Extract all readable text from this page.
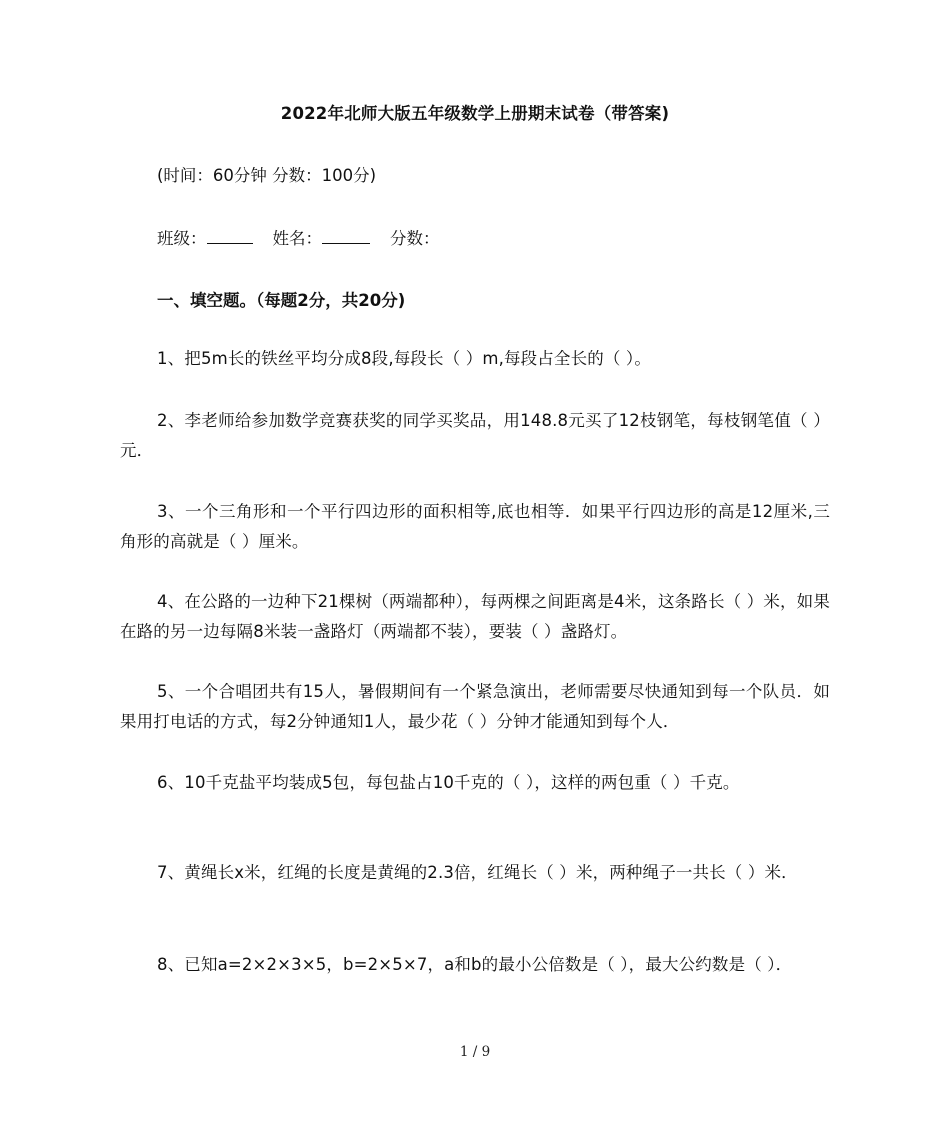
2022年北师大版五年级数学上册期末试卷（带答案)
(时间：60分钟 分数：100分)
班级：	姓名：	分数：
一、填空题。（每题2分，共20分)
1、把5m长的铁丝平均分成8段,每段长（ ）m,每段占全长的（ ）。
2、李老师给参加数学竞赛获奖的同学买奖品，用148.8元买了12枝钢笔，每枝钢笔值（ ）元．
3、一个三角形和一个平行四边形的面积相等,底也相等．如果平行四边形的高是12厘米,三角形的高就是（ ）厘米。
4、在公路的一边种下21棵树（两端都种），每两棵之间距离是4米，这条路长（ ）米，如果在路的另一边每隔8米装一盏路灯（两端都不装），要装（ ）盏路灯。
5、一个合唱团共有15人，暑假期间有一个紧急演出，老师需要尽快通知到每一个队员．如果用打电话的方式，每2分钟通知1人，最少花（ ）分钟才能通知到每个人．
6、10千克盐平均装成5包，每包盐占10千克的（ ），这样的两包重（ ）千克。
7、黄绳长x米，红绳的长度是黄绳的2.3倍，红绳长（ ）米，两种绳子一共长（ ）米．
8、已知a=2×2×3×5，b=2×5×7，a和b的最小公倍数是（ ），最大公约数是（ ）．
1 / 9
